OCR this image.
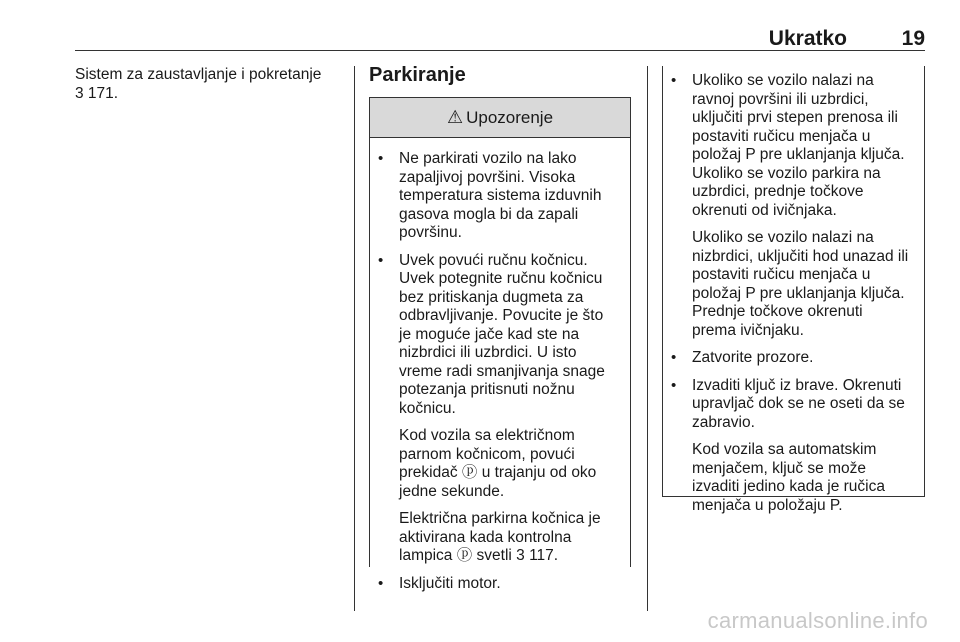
Ukratko	19
Sistem za zaustavljanje i pokretanje
3 171.
Parkiranje
⚠ Upozorenje

• Ne parkirati vozilo na lako
zapaljivoj površini. Visoka
temperatura sistema izduvnih
gasova mogla bi da zapali
površinu.

• Uvek povući ručnu kočnicu.
Uvek potegnite ručnu kočnicu
bez pritiskanja dugmeta za
odbravljivanje. Povucite je što
je moguće jače kad ste na
nizbrdici ili uzbrdici. U isto
vreme radi smanjivanja snage
potezanja pritisnuti nožnu
kočnicu.

Kod vozila sa električnom
parnom kočnicom, povući
prekidač ⓟ u trajanju od oko
jedne sekunde.

Električna parkirna kočnica je
aktivirana kada kontrolna
lampica ⓟ svetli 3 117.

• Isključiti motor.

• Ukoliko se vozilo nalazi na
ravnoj površini ili uzbrdici,
uključiti prvi stepen prenosa ili
postaviti ručicu menjača u
položaj P pre uklanjanja ključa.
Ukoliko se vozilo parkira na
uzbrdici, prednje točkove
okrenuti od ivičnjaka.

Ukoliko se vozilo nalazi na
nizbrdici, uključiti hod unazad ili
postaviti ručicu menjača u
položaj P pre uklanjanja ključa.
Prednje točkove okrenuti
prema ivičnjaku.

• Zatvorite prozore.

• Izvaditi ključ iz brave. Okrenuti
upravljač dok se ne oseti da se
zabravio.

Kod vozila sa automatskim
menjačem, ključ se može
izvaditi jedino kada je ručica
menjača u položaju P.

carmanualsonline.info
